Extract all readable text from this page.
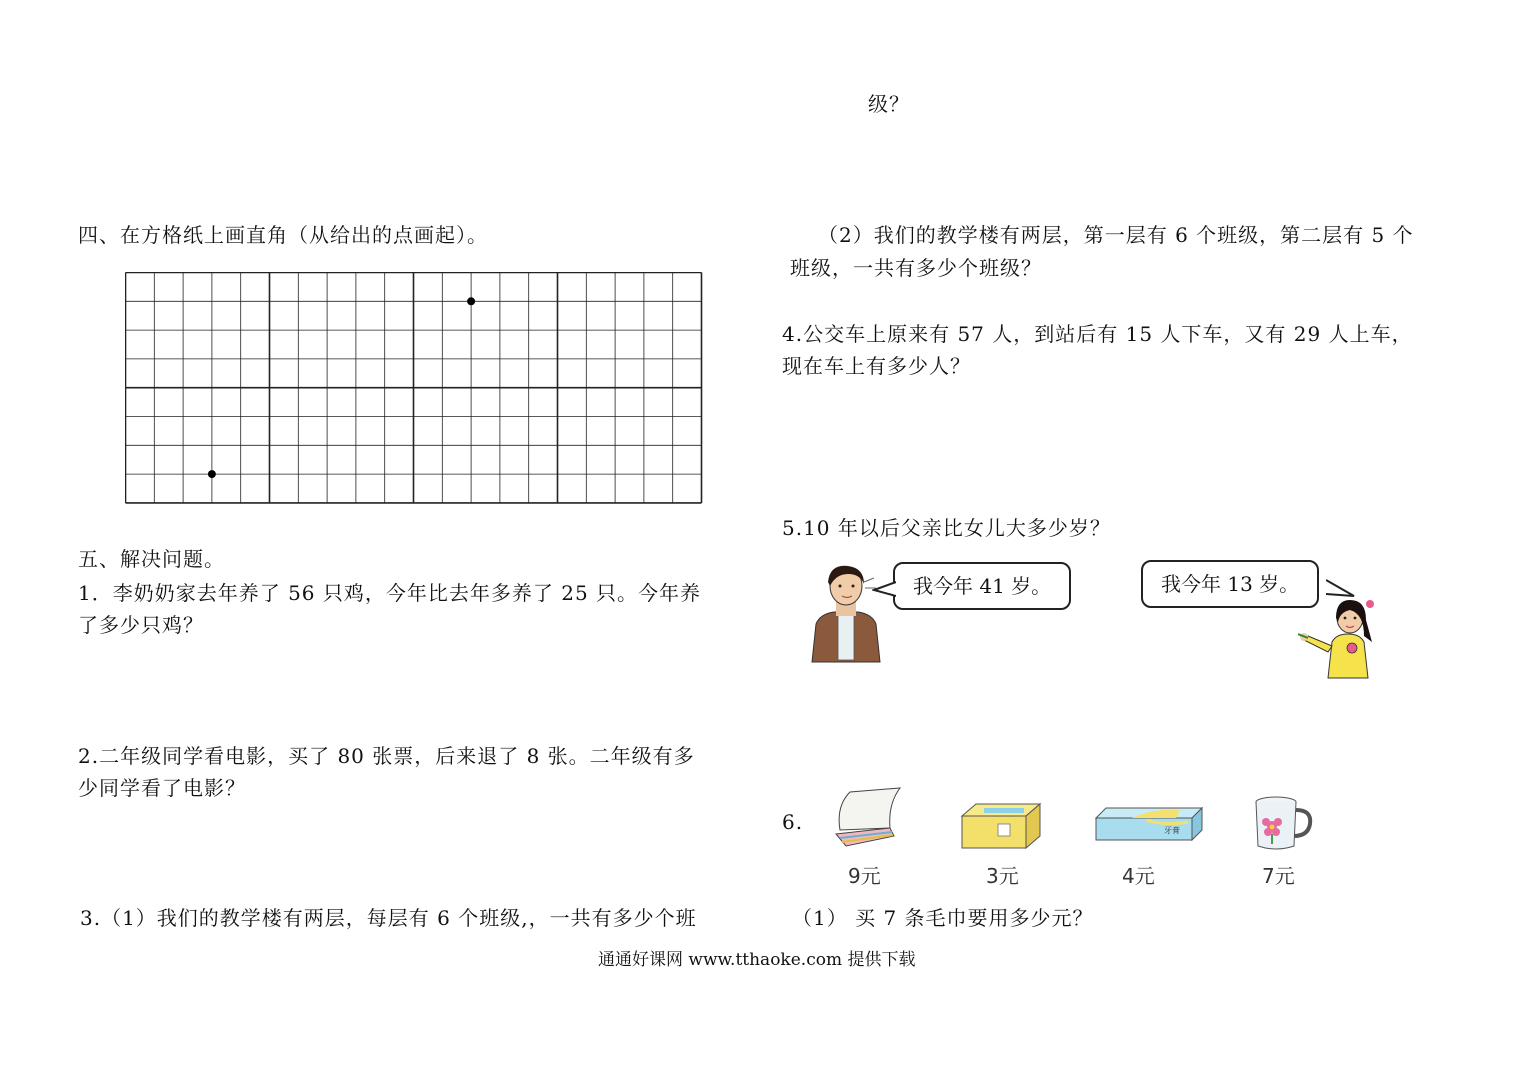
级？
四、在方格纸上画直角（从给出的点画起）。
五、解决问题。
1．李奶奶家去年养了 56 只鸡，今年比去年多养了 25 只。今年养
了多少只鸡？
2.二年级同学看电影，买了 80 张票，后来退了 8 张。二年级有多
少同学看了电影？
3.（1）我们的教学楼有两层，每层有 6 个班级,，一共有多少个班
（2）我们的教学楼有两层，第一层有 6 个班级，第二层有 5 个
班级，一共有多少个班级？
4.公交车上原来有 57 人，到站后有 15 人下车，又有 29 人上车，
现在车上有多少人？
5.10 年以后父亲比女儿大多少岁？
我今年 41 岁。	我今年 13 岁。
6.
9元	3元
牙膏
4元	7元
（1） 买 7 条毛巾要用多少元？
通通好课网 www.tthaoke.com 提供下载
